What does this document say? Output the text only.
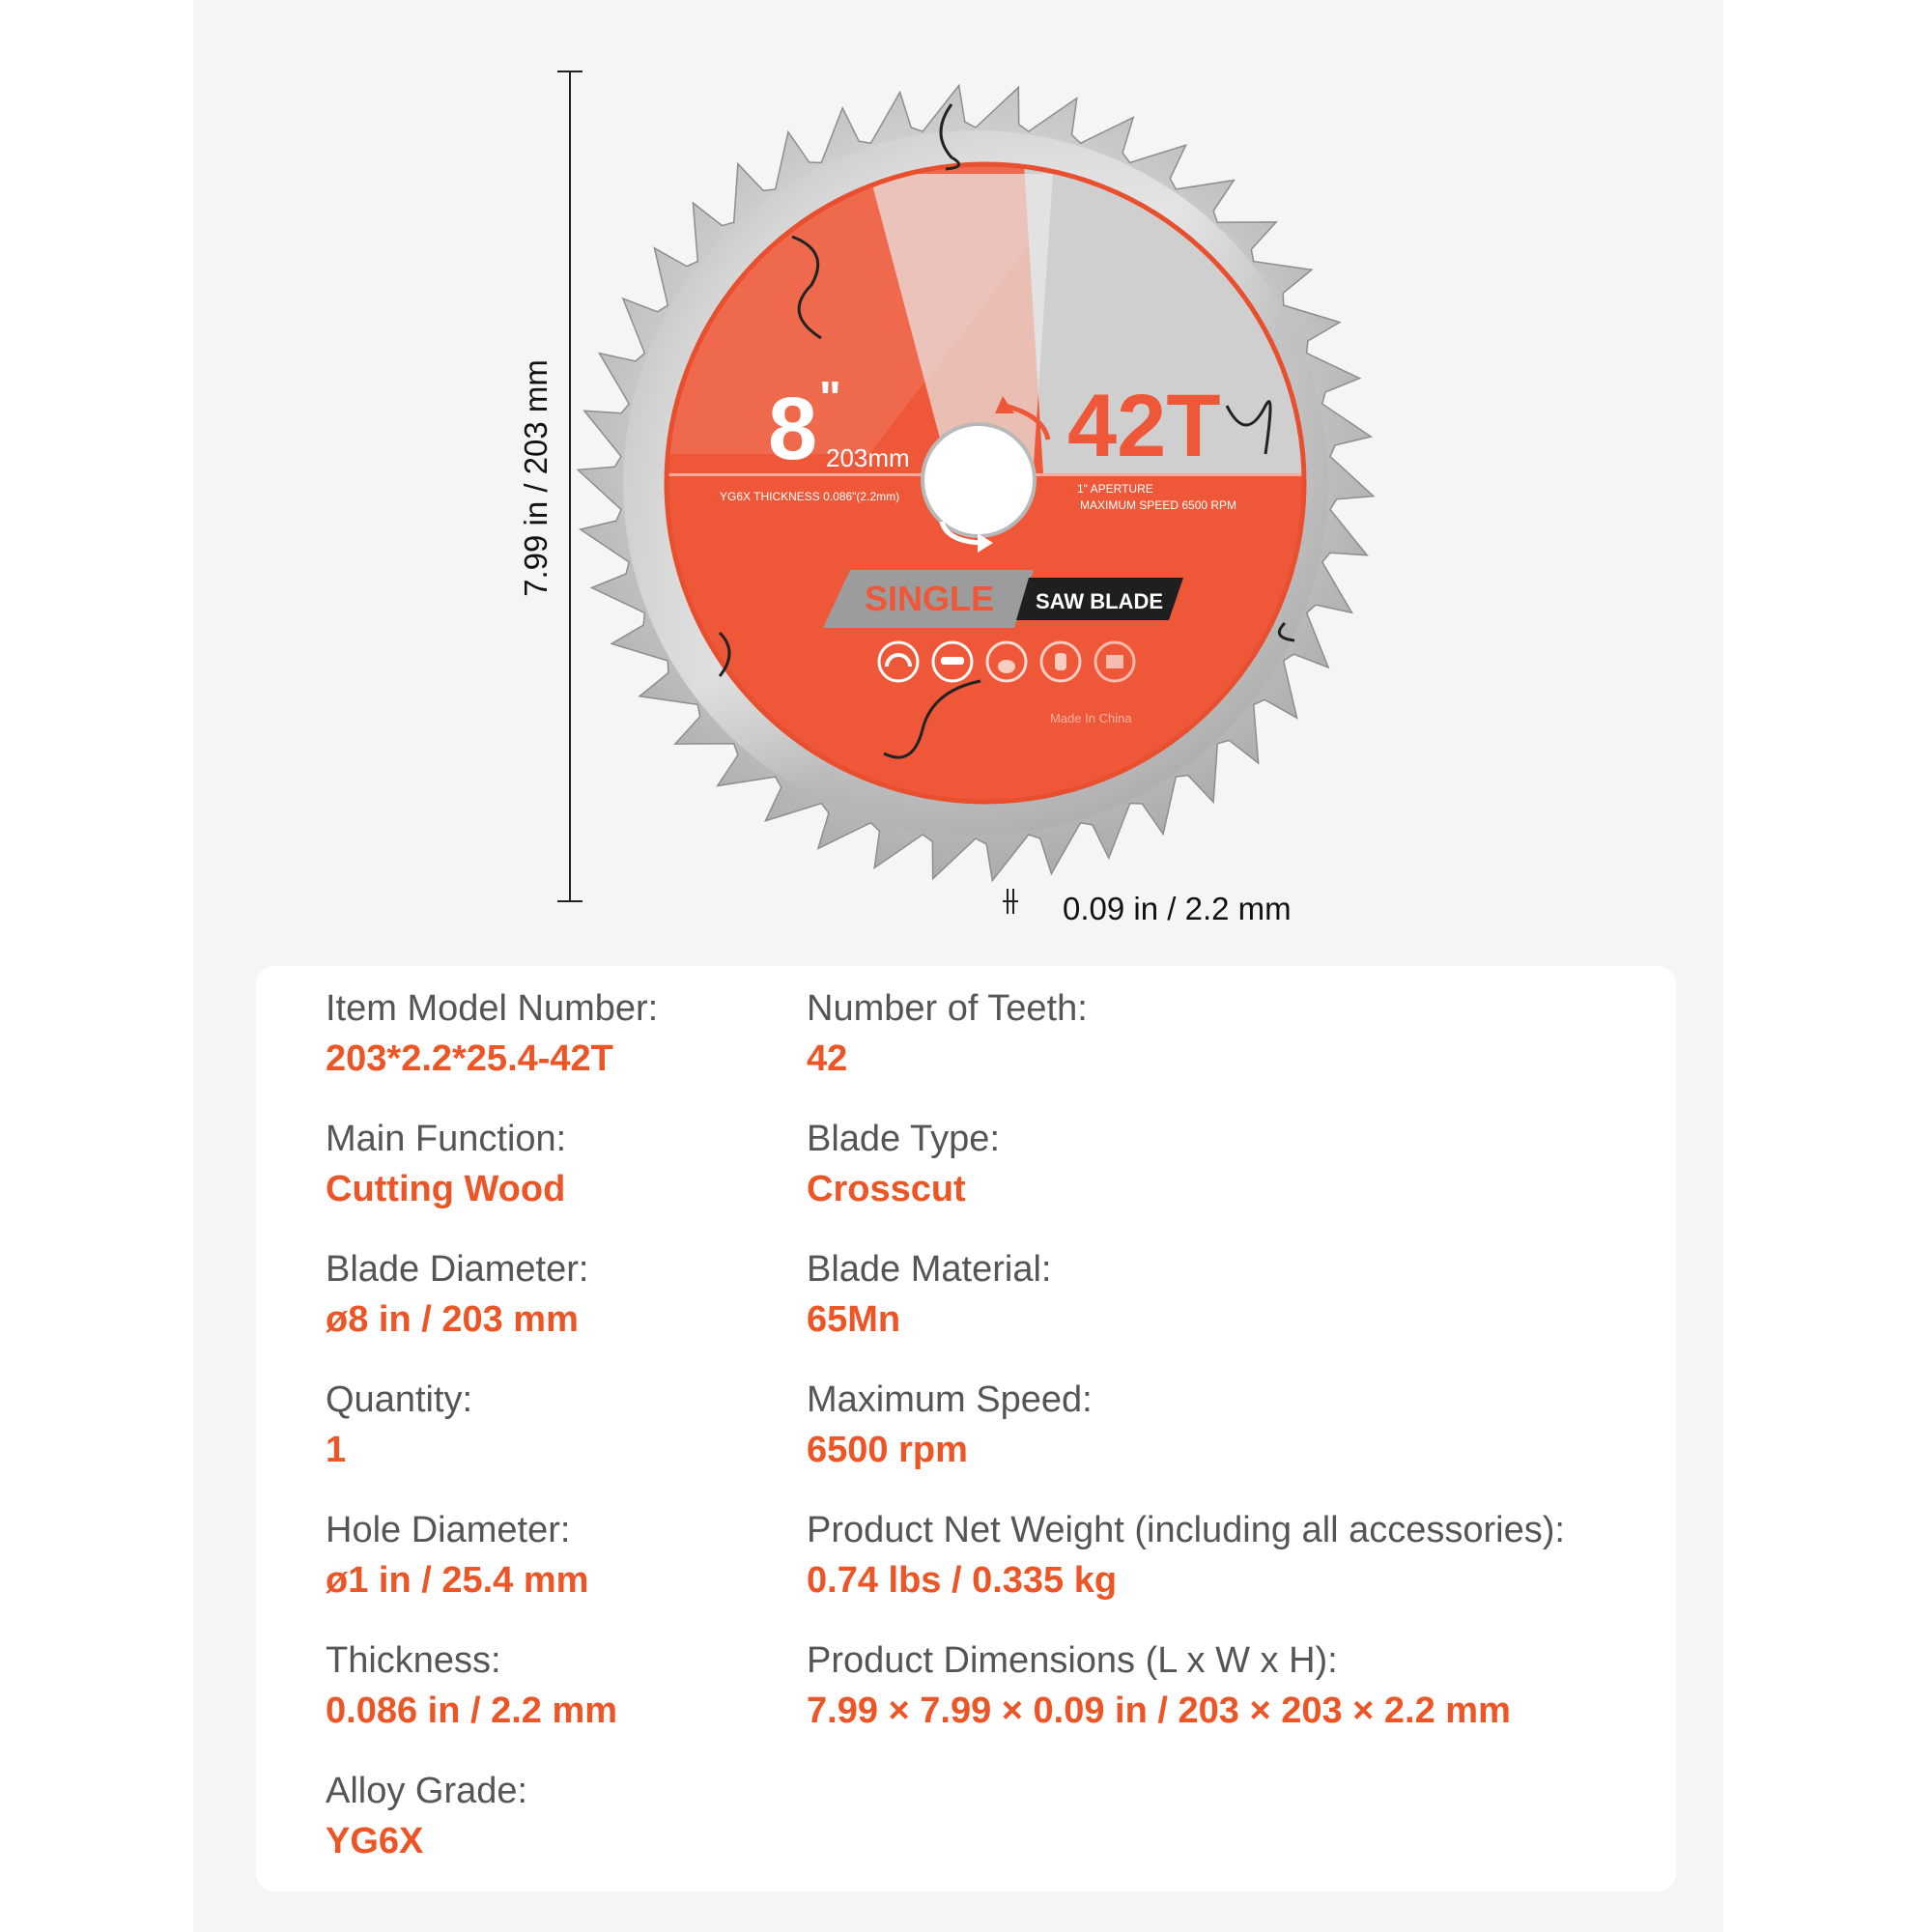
8 "
203mm 42T
YG6X THICKNESS 0.086"(2.2mm)
1" APERTURE
MAXIMUM SPEED 6500 RPM
SINGLE SAW BLADE
Made In China
7.99 in / 203 mm
0.09 in / 2.2 mm
Item Model Number:
203*2.2*25.4-42T
Main Function:
Cutting Wood
Blade Diameter:
ø8 in / 203 mm
Quantity:
1
Hole Diameter:
ø1 in / 25.4 mm
Thickness:
0.086 in / 2.2 mm
Alloy Grade:
YG6X
Number of Teeth:
42
Blade Type:
Crosscut
Blade Material:
65Mn
Maximum Speed:
6500 rpm
Product Net Weight (including all accessories):
0.74 lbs / 0.335 kg
Product Dimensions (L x W x H):
7.99 × 7.99 × 0.09 in / 203 × 203 × 2.2 mm
